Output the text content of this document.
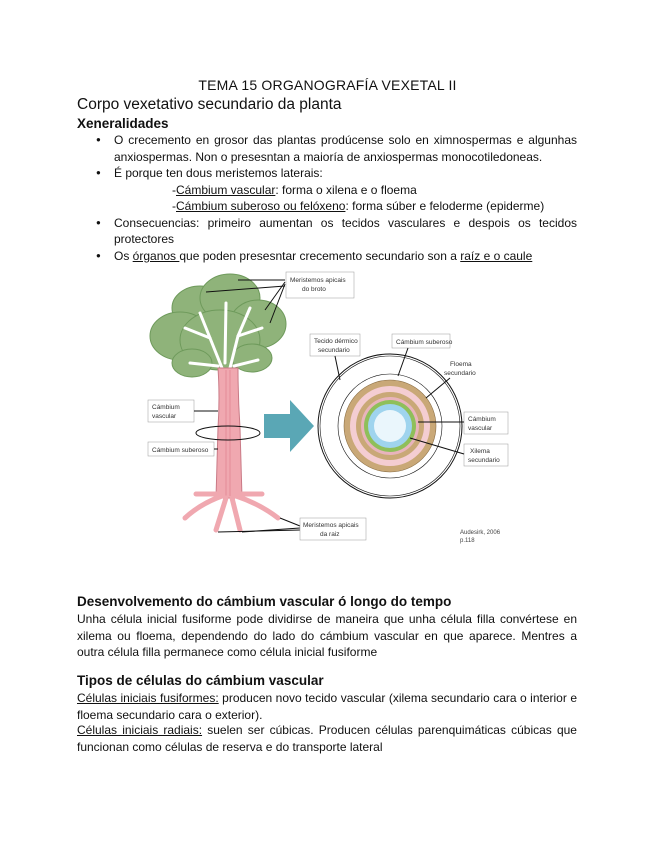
TEMA 15 ORGANOGRAFÍA VEXETAL II
Corpo vexetativo secundario da planta
Xeneralidades
● O crecemento en grosor das plantas prodúcense solo en ximnospermas e algunhas anxiospermas. Non o presesntan a maioría de anxiospermas monocotiledoneas.
● É porque ten dous meristemos laterais:
-Cámbium vascular: forma o xilena e o floema
-Cámbium suberoso ou felóxeno: forma súber e feloderme (epiderme)
● Consecuencias: primeiro aumentan os tecidos vasculares e despois os tecidos protectores
● Os órganos que poden presesntar crecemento secundario son a raíz e o caule
Meristemos apicais
do broto
Cámbium
vascular
Cámbium suberoso
Meristemos apicais
da raiz
Tecido dérmico
secundario
Cámbium suberoso
Floema
secundario
Cámbium
vascular
Xilema
secundario
Audesirk, 2006
p.118
Desenvolvemento do cámbium vascular ó longo do tempo

Unha célula inicial fusiforme pode dividirse de maneira que unha célula filla convértese en xilema ou floema, dependendo do lado do cámbium vascular en que aparece. Mentres a outra célula filla permanece como célula inicial fusiforme

Tipos de células do cámbium vascular

Células iniciais fusiformes: producen novo tecido vascular (xilema secundario cara o interior e floema secundario cara o exterior).

Células iniciais radiais: suelen ser cúbicas. Producen células parenquimáticas cúbicas que funcionan como células de reserva e do transporte lateral
